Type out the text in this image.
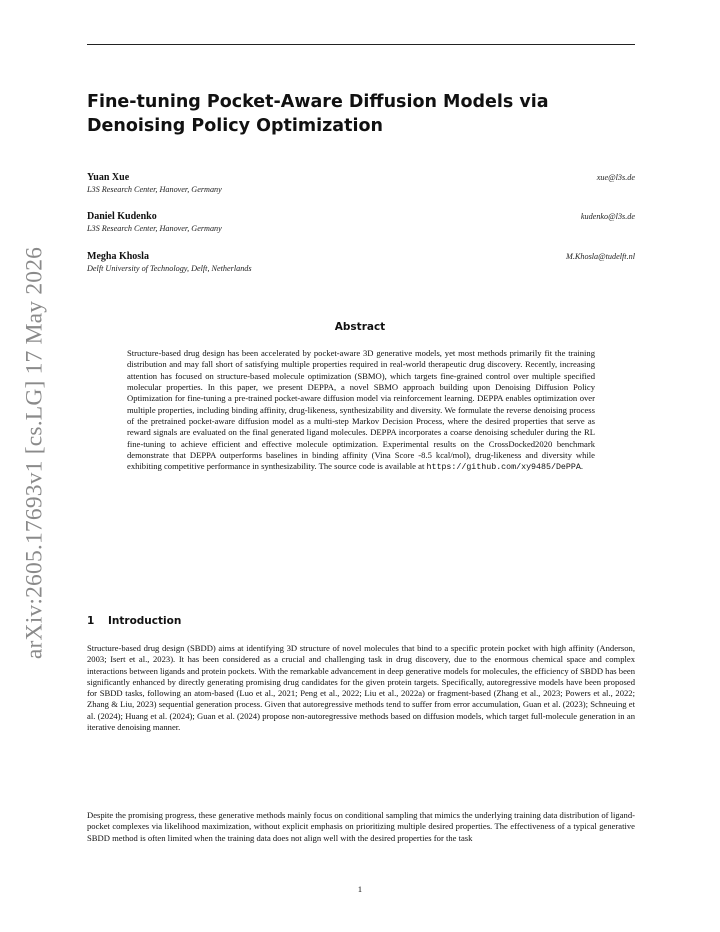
arXiv:2605.17693v1 [cs.LG] 17 May 2026
Fine-tuning Pocket-Aware Diffusion Models via Denoising Policy Optimization
Yuan Xue
L3S Research Center, Hanover, Germany
xue@l3s.de
Daniel Kudenko
L3S Research Center, Hanover, Germany
kudenko@l3s.de
Megha Khosla
Delft University of Technology, Delft, Netherlands
M.Khosla@tudelft.nl
Abstract
Structure-based drug design has been accelerated by pocket-aware 3D generative models, yet most methods primarily fit the training distribution and may fall short of satisfying multiple properties required in real-world therapeutic drug discovery. Recently, increasing attention has focused on structure-based molecule optimization (SBMO), which targets fine-grained control over multiple specified molecular properties. In this paper, we present DEPPA, a novel SBMO approach building upon Denoising Diffusion Policy Optimization for fine-tuning a pre-trained pocket-aware diffusion model via reinforcement learning. DEPPA enables optimization over multiple properties, including binding affinity, drug-likeness, synthesizability and diversity. We formulate the reverse denoising process of the pretrained pocket-aware diffusion model as a multi-step Markov Decision Process, where the desired properties that serve as reward signals are evaluated on the final generated ligand molecules. DEPPA incorporates a coarse denoising scheduler during the RL fine-tuning to achieve efficient and effective molecule optimization. Experimental results on the CrossDocked2020 benchmark demonstrate that DEPPA outperforms baselines in binding affinity (Vina Score -8.5 kcal/mol), drug-likeness and diversity while exhibiting competitive performance in synthesizability. The source code is available at https://github.com/xy9485/DePPA.
1 Introduction
Structure-based drug design (SBDD) aims at identifying 3D structure of novel molecules that bind to a specific protein pocket with high affinity (Anderson, 2003; Isert et al., 2023). It has been considered as a crucial and challenging task in drug discovery, due to the enormous chemical space and complex interactions between ligands and protein pockets. With the remarkable advancement in deep generative models for molecules, the efficiency of SBDD has been significantly enhanced by directly generating promising drug candidates for the given protein targets. Specifically, autoregressive models have been proposed for SBDD tasks, following an atom-based (Luo et al., 2021; Peng et al., 2022; Liu et al., 2022a) or fragment-based (Zhang et al., 2023; Powers et al., 2022; Zhang & Liu, 2023) sequential generation process. Given that autoregressive methods tend to suffer from error accumulation, Guan et al. (2023); Schneuing et al. (2024); Huang et al. (2024); Guan et al. (2024) propose non-autoregressive methods based on diffusion models, which target full-molecule generation in an iterative denoising manner.
Despite the promising progress, these generative methods mainly focus on conditional sampling that mimics the underlying training data distribution of ligand-pocket complexes via likelihood maximization, without explicit emphasis on prioritizing multiple desired properties. The effectiveness of a typical generative SBDD method is often limited when the training data does not align well with the desired properties for the task
1
